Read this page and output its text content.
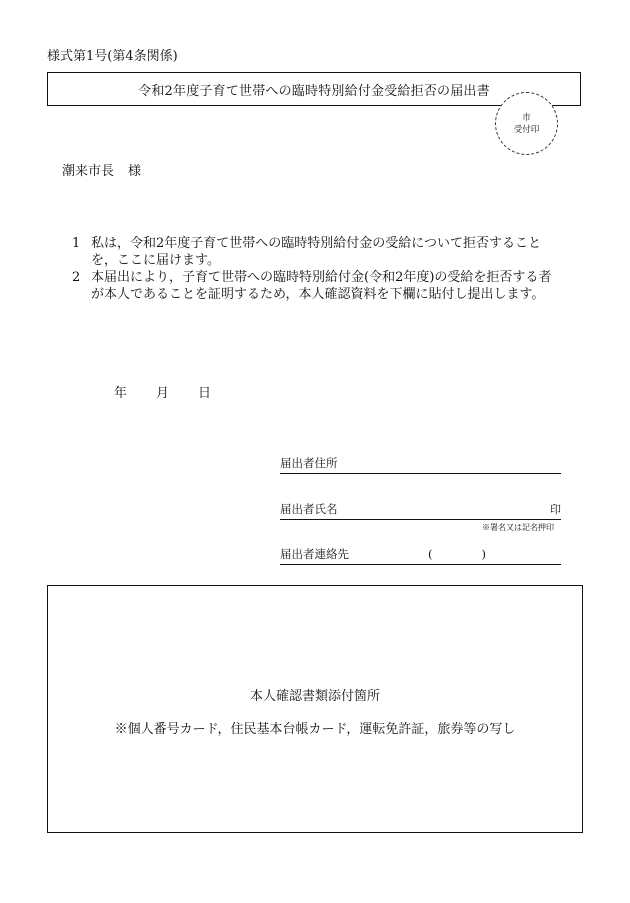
様式第1号(第4条関係)
令和2年度子育て世帯への臨時特別給付金受給拒否の届出書
市
受付印
潮来市長 様
1 私は，令和2年度子育て世帯への臨時特別給付金の受給について拒否することを，ここに届けます。
2 本届出により，子育て世帯への臨時特別給付金(令和2年度)の受給を拒否する者が本人であることを証明するため，本人確認資料を下欄に貼付し提出します。
年	月	日
届出者住所
届出者氏名	印
※署名又は記名押印
届出者連絡先	(	)
本人確認書類添付箇所
※個人番号カード，住民基本台帳カード，運転免許証，旅券等の写し
